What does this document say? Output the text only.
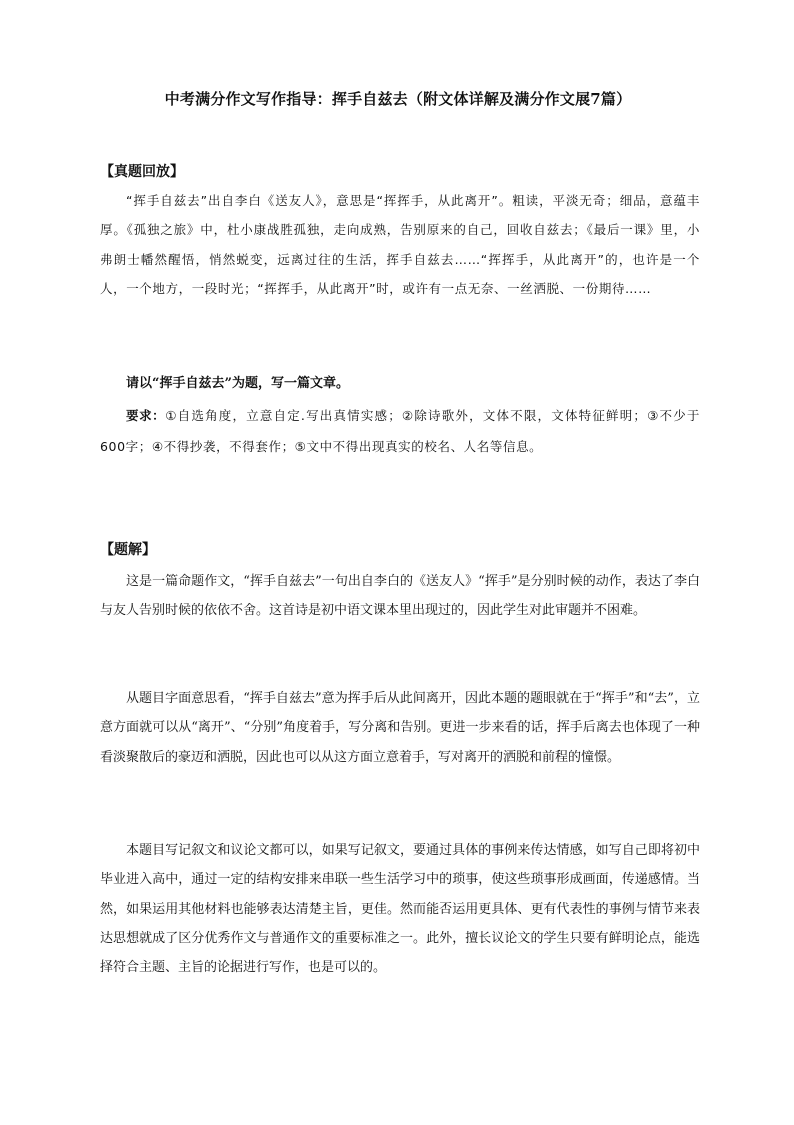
中考满分作文写作指导：挥手自兹去（附文体详解及满分作文展7篇）
【真题回放】

“挥手自兹去”出自李白《送友人》，意思是“挥挥手，从此离开”。粗读，平淡无奇；细品，意蕴丰厚。《孤独之旅》中，杜小康战胜孤独，走向成熟，告别原来的自己，回收自兹去；《最后一课》里，小弗朗士幡然醒悟，悄然蜕变，远离过往的生活，挥手自兹去……“挥挥手，从此离开”的，也许是一个人，一个地方，一段时光；“挥挥手，从此离开”时，或许有一点无奈、一丝洒脱、一份期待……

请以“挥手自兹去”为题，写一篇文章。

要求：①自选角度，立意自定.写出真情实感；②除诗歌外，文体不限，文体特征鲜明；③不少于600字；④不得抄袭，不得套作；⑤文中不得出现真实的校名、人名等信息。

【题解】

这是一篇命题作文，“挥手自兹去”一句出自李白的《送友人》“挥手”是分别时候的动作，表达了李白与友人告别时候的依依不舍。这首诗是初中语文课本里出现过的，因此学生对此审题并不困难。

从题目字面意思看，“挥手自兹去”意为挥手后从此间离开，因此本题的题眼就在于“挥手”和“去”，立意方面就可以从“离开”、“分别”角度着手，写分离和告别。更进一步来看的话，挥手后离去也体现了一种看淡聚散后的豪迈和洒脱，因此也可以从这方面立意着手，写对离开的洒脱和前程的憧憬。

本题目写记叙文和议论文都可以，如果写记叙文，要通过具体的事例来传达情感，如写自己即将初中毕业进入高中，通过一定的结构安排来串联一些生活学习中的琐事，使这些琐事形成画面，传递感情。当然，如果运用其他材料也能够表达清楚主旨，更佳。然而能否运用更具体、更有代表性的事例与情节来表达思想就成了区分优秀作文与普通作文的重要标准之一。此外，擅长议论文的学生只要有鲜明论点，能选择符合主题、主旨的论据进行写作，也是可以的。
